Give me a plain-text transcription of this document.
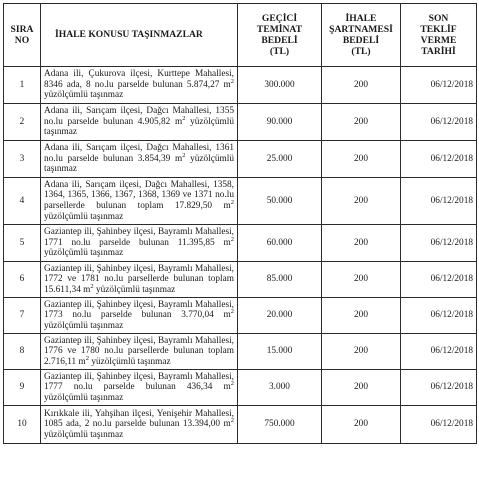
SIRA
NO	İHALE KONUSU TAŞINMAZLAR	GEÇİCİ
TEMİNAT
BEDELİ
(TL)	İHALE
ŞARTNAMESİ
BEDELİ
(TL)	SON
TEKLİF
VERME
TARİHİ

1	Adana ili, Çukurova ilçesi, Kurttepe Mahallesi, 8346 ada, 8 no.lu parselde bulunan 5.874,27 $m^2$ yüzölçümlü taşınmaz	300.000	200	06/12/2018
2	Adana ili, Sarıçam ilçesi, Dağcı Mahallesi, 1355 no.lu parselde bulunan 4.905,82 $m^2$ yüzölçümlü taşınmaz	90.000	200	06/12/2018
3	Adana ili, Sarıçam ilçesi, Dağcı Mahallesi, 1361 no.lu parselde bulunan 3.854,39 $m^2$ yüzölçümlü taşınmaz	25.000	200	06/12/2018
4	Adana ili, Sarıçam ilçesi, Dağcı Mahallesi, 1358, 1364, 1365, 1366, 1367, 1368, 1369 ve 1371 no.lu parsellerde bulunan toplam 17.829,50 $m^2$ yüzölçümlü taşınmaz	50.000	200	06/12/2018
5	Gaziantep ili, Şahinbey ilçesi, Bayramlı Mahallesi, 1771 no.lu parselde bulunan 11.395,85 $m^2$ yüzölçümlü taşınmaz	60.000	200	06/12/2018
6	Gaziantep ili, Şahinbey ilçesi, Bayramlı Mahallesi, 1772 ve 1781 no.lu parsellerde bulunan toplam 15.611,34 $m^2$ yüzölçümlü taşınmaz	85.000	200	06/12/2018
7	Gaziantep ili, Şahinbey ilçesi, Bayramlı Mahallesi, 1773 no.lu parselde bulunan 3.770,04 $m^2$ yüzölçümlü taşınmaz	20.000	200	06/12/2018
8	Gaziantep ili, Şahinbey ilçesi, Bayramlı Mahallesi, 1776 ve 1780 no.lu parsellerde bulunan toplam 2.716,11 $m^2$ yüzölçümlü taşınmaz	15.000	200	06/12/2018
9	Gaziantep ili, Şahinbey ilçesi, Bayramlı Mahallesi, 1777 no.lu parselde bulunan 436,34 $m^2$ yüzölçümlü taşınmaz	3.000	200	06/12/2018
10	Kırıkkale ili, Yahşihan ilçesi, Yenişehir Mahallesi, 1085 ada, 2 no.lu parselde bulunan 13.394,00 $m^2$ yüzölçümlü taşınmaz	750.000	200	06/12/2018
